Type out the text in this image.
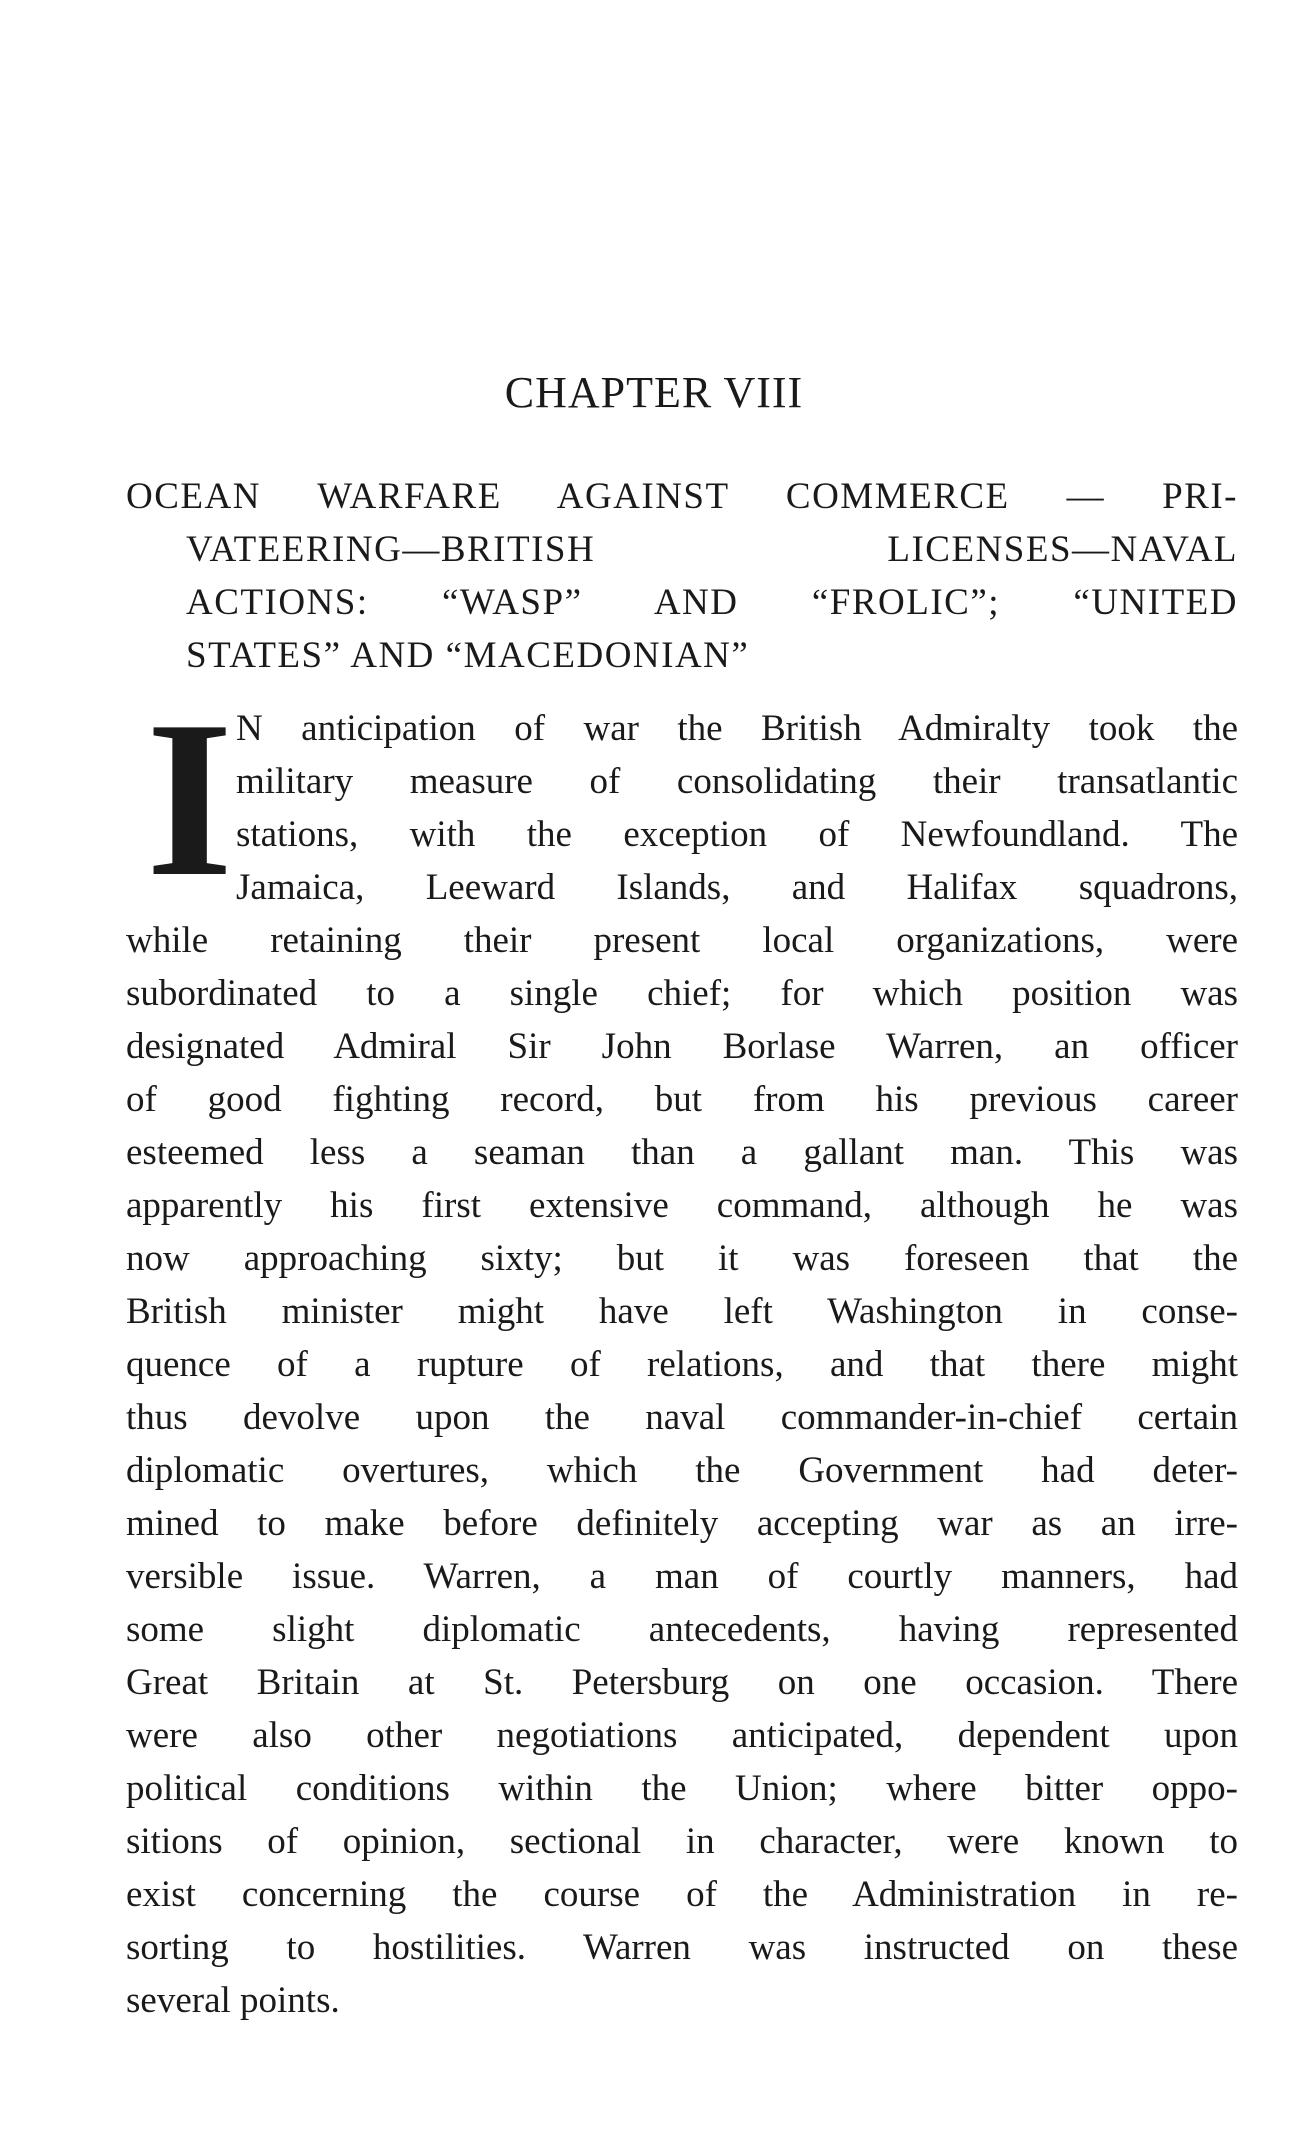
CHAPTER VIII
OCEAN WARFARE AGAINST COMMERCE — PRI-
VATEERING—BRITISH LICENSES—NAVAL
ACTIONS: “WASP” AND “FROLIC”; “UNITED
STATES” AND “MACEDONIAN”
I N anticipation of war the British Admiralty took the
military measure of consolidating their transatlantic
stations, with the exception of Newfoundland. The
Jamaica, Leeward Islands, and Halifax squadrons,
while retaining their present local organizations, were
subordinated to a single chief; for which position was
designated Admiral Sir John Borlase Warren, an officer
of good fighting record, but from his previous career
esteemed less a seaman than a gallant man. This was
apparently his first extensive command, although he was
now approaching sixty; but it was foreseen that the
British minister might have left Washington in conse-
quence of a rupture of relations, and that there might
thus devolve upon the naval commander-in-chief certain
diplomatic overtures, which the Government had deter-
mined to make before definitely accepting war as an irre-
versible issue. Warren, a man of courtly manners, had
some slight diplomatic antecedents, having represented
Great Britain at St. Petersburg on one occasion. There
were also other negotiations anticipated, dependent upon
political conditions within the Union; where bitter oppo-
sitions of opinion, sectional in character, were known to
exist concerning the course of the Administration in re-
sorting to hostilities. Warren was instructed on these
several points.
